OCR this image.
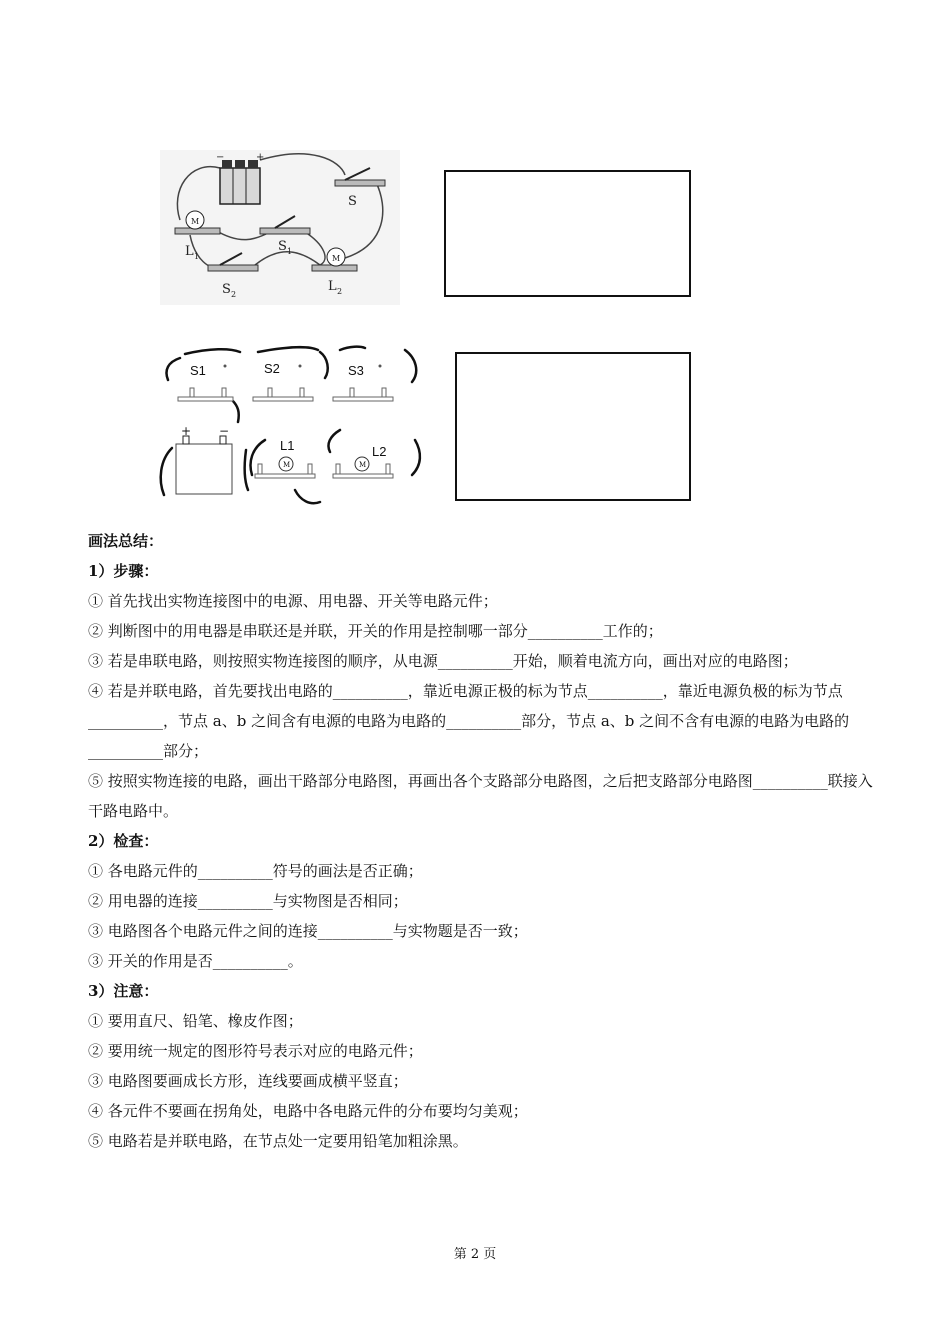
−	+
S
M
L 1
S 1
S 2
M
L 2
S1	S2	S3
+ −
M
L1
M
L2

画法总结：

1）步骤：

① 首先找出实物连接图中的电源、用电器、开关等电路元件；

② 判断图中的用电器是串联还是并联，开关的作用是控制哪一部分__________工作的；

③ 若是串联电路，则按照实物连接图的顺序，从电源__________开始，顺着电流方向，画出对应的电路图；

④ 若是并联电路，首先要找出电路的__________，靠近电源正极的标为节点__________，靠近电源负极的标为节点__________，节点 a、b 之间含有电源的电路为电路的__________部分，节点 a、b 之间不含有电源的电路为电路的__________部分；

⑤ 按照实物连接的电路，画出干路部分电路图，再画出各个支路部分电路图，之后把支路部分电路图__________联接入干路电路中。

2）检查：

① 各电路元件的__________符号的画法是否正确；

② 用电器的连接__________与实物图是否相同；

③ 电路图各个电路元件之间的连接__________与实物题是否一致；

③ 开关的作用是否__________。

3）注意：

① 要用直尺、铅笔、橡皮作图；

② 要用统一规定的图形符号表示对应的电路元件；

③ 电路图要画成长方形，连线要画成横平竖直；

④ 各元件不要画在拐角处，电路中各电路元件的分布要均匀美观；

⑤ 电路若是并联电路，在节点处一定要用铅笔加粗涂黑。

第 2 页
